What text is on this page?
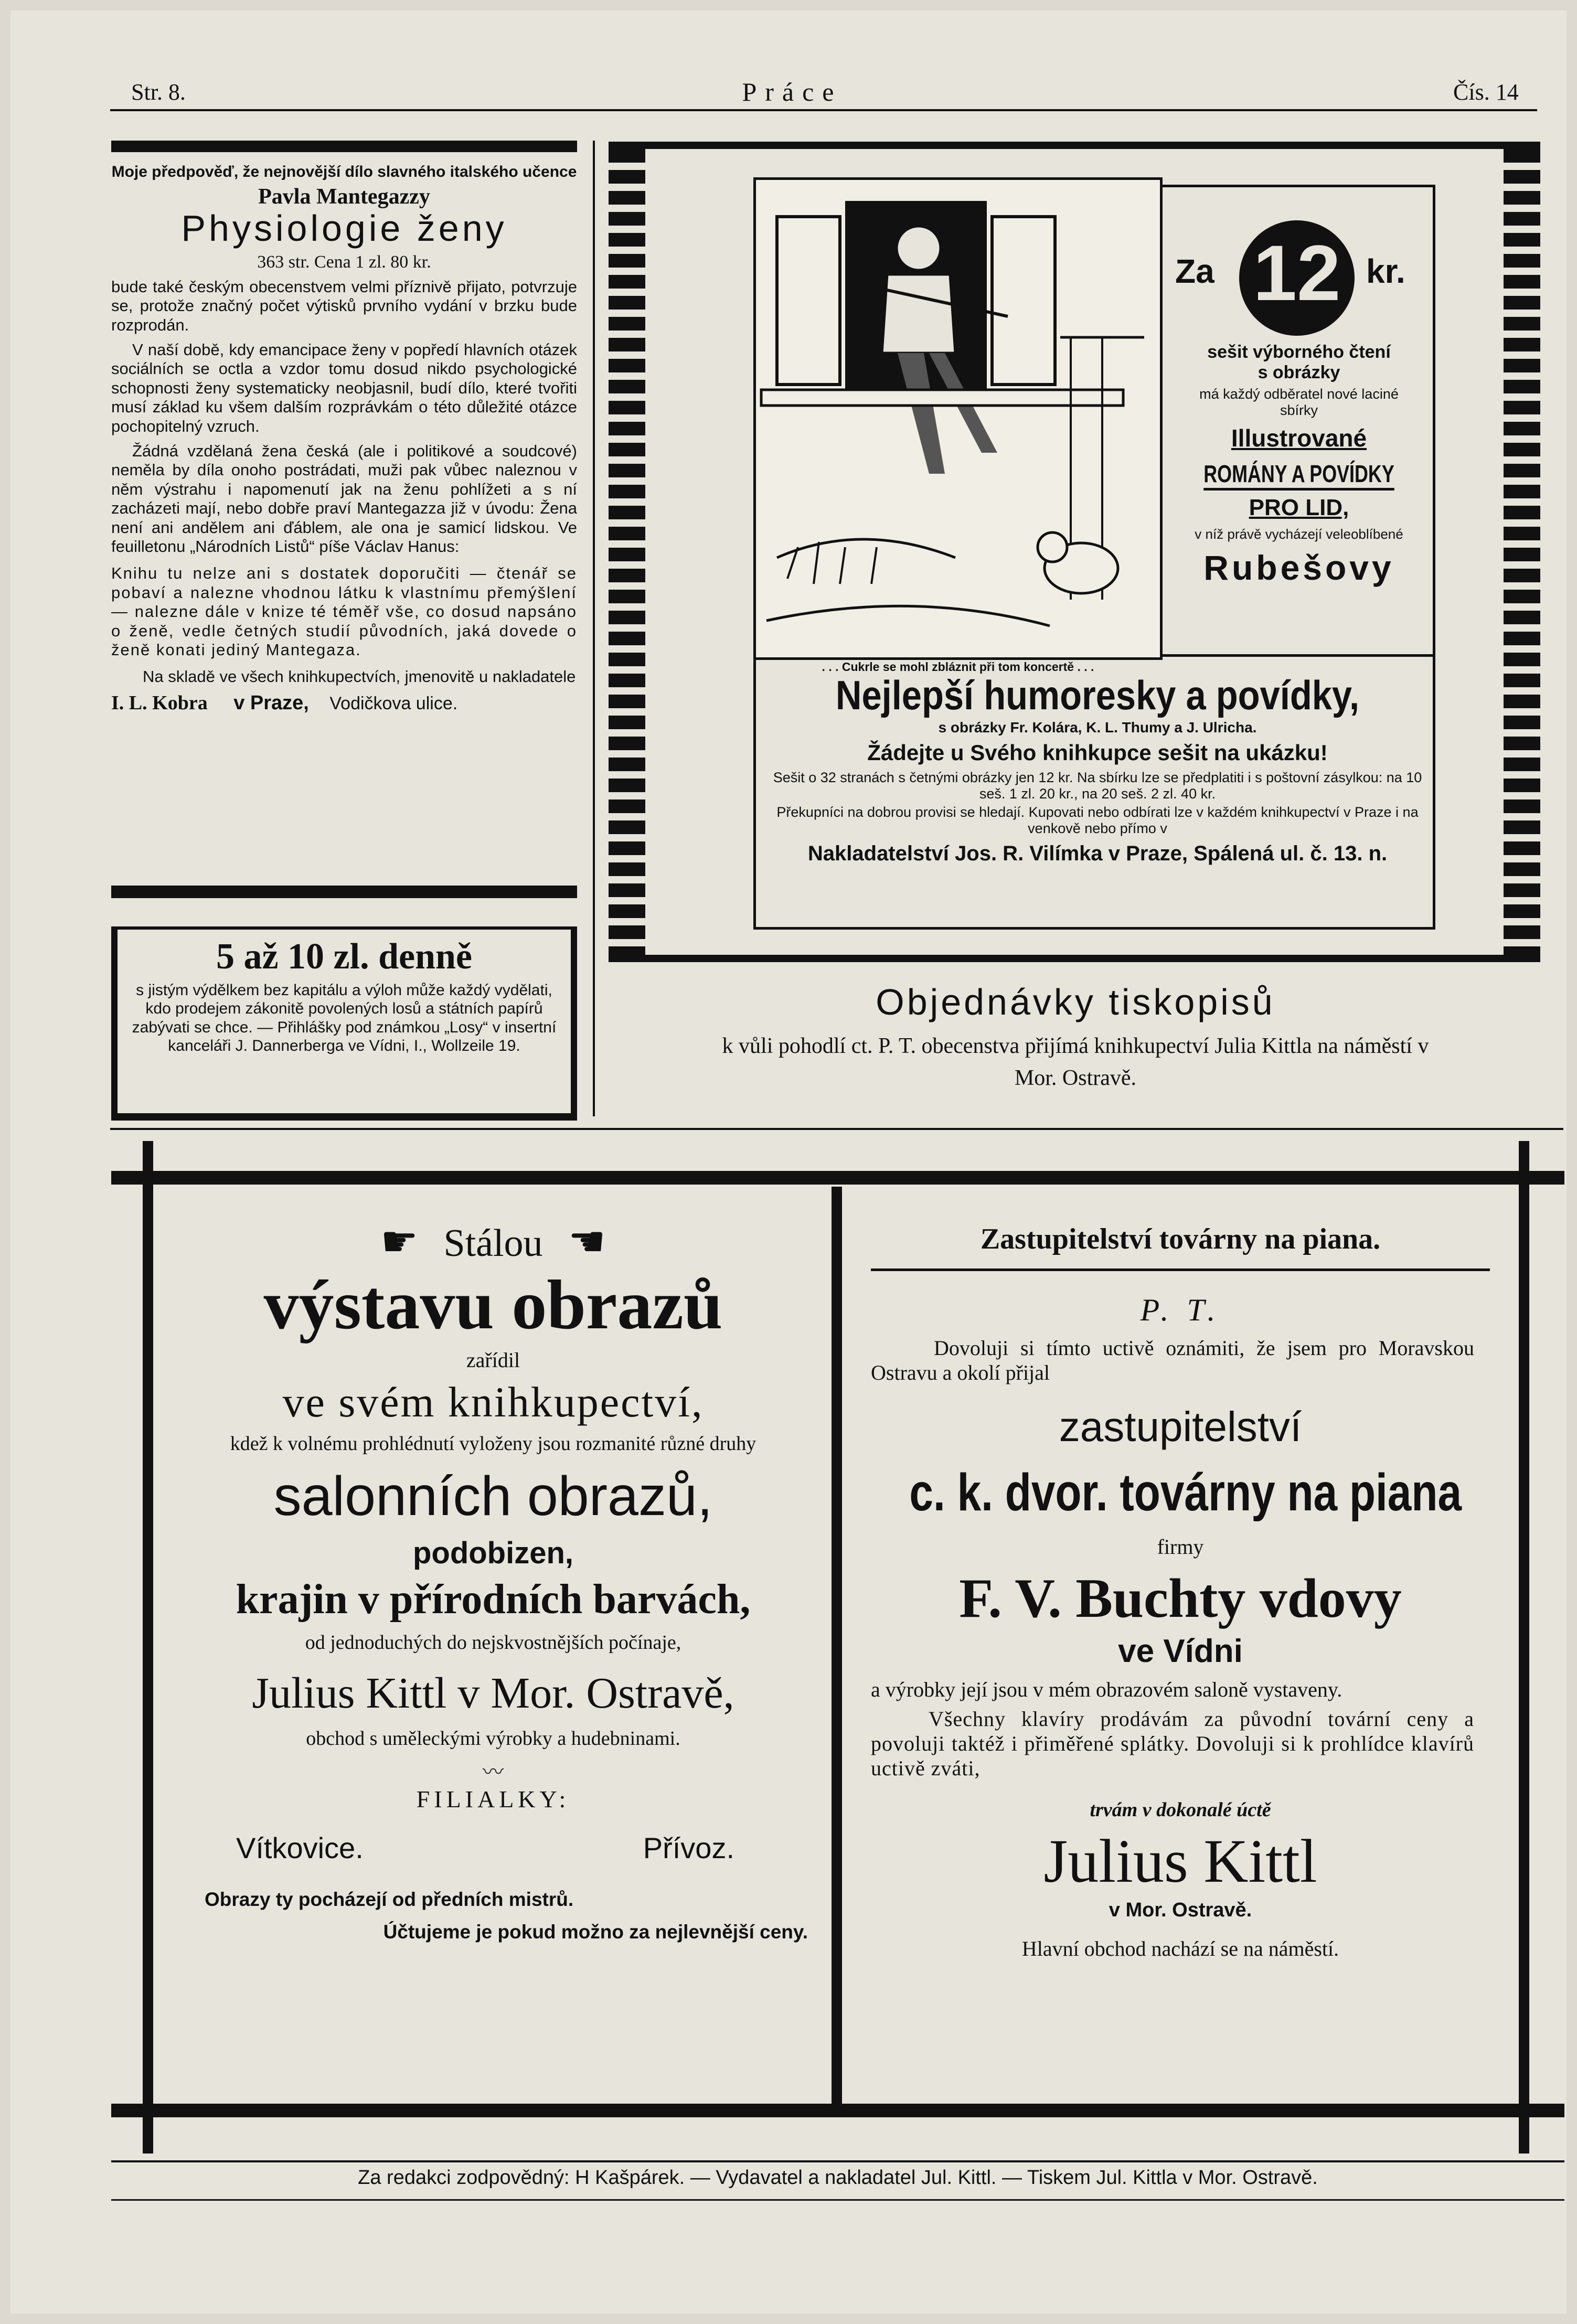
Str. 8.	Práce	Čís. 14

Moje předpověď, že nejnovější dílo slavného italského učence

Pavla Mantegazzy
Physiologie ženy
363 str. Cena 1 zl. 80 kr.

bude také českým obecenstvem velmi příznivě přijato, potvrzuje se, protože značný počet výtisků prvního vydání v brzku bude rozprodán.

V naší době, kdy emancipace ženy v popředí hlavních otázek sociálních se octla a vzdor tomu dosud nikdo psychologické schopnosti ženy systematicky neobjasnil, budí dílo, které tvořiti musí základ ku všem dalším rozprávkám o této důležité otázce pochopitelný vzruch.

Žádná vzdělaná žena česká (ale i politikové a soudcové) neměla by díla onoho postrádati, muži pak vůbec naleznou v něm výstrahu i napomenutí jak na ženu pohlížeti a s ní zacházeti mají, nebo dobře praví Mantegazza již v úvodu: Žena není ani andělem ani ďáblem, ale ona je samicí lidskou. Ve feuilletonu „Národních Listů“ píše Václav Hanus:

Knihu tu nelze ani s dostatek doporučiti — čtenář se pobaví a nalezne vhodnou látku k vlastnímu přemýšlení — nalezne dále v knize té téměř vše, co dosud napsáno o ženě, vedle četných studií původních, jaká dovede o ženě konati jediný Mantegaza.

Na skladě ve všech knihkupectvích, jmenovitě u nakladatele

I. L. Kobra v Praze, Vodičkova ulice.
5 až 10 zl. denně

s jistým výdělkem bez kapitálu a výloh může každý vydělati, kdo prodejem zákonitě povolených losů a státních papírů zabývati se chce. — Přihlášky pod známkou „Losy“ v insertní kanceláři J. Dannerberga ve Vídni, I., Wollzeile 19.

. . . Cukrle se mohl zbláznit při tom koncertě . . .
Za 12 kr.
sešit výborného čtení
s obrázky
má každý odběratel nové laciné sbírky
Illustrované
ROMÁNY A POVÍDKY
PRO LID,
v níž právě vycházejí veleoblíbené
Rubešovy
Nejlepší humoresky a povídky,
s obrázky Fr. Kolára, K. L. Thumy a J. Ulricha.
Žádejte u Svého knihkupce sešit na ukázku!
Sešit o 32 stranách s četnými obrázky jen 12 kr. Na sbírku lze se předplatiti i s poštovní zásylkou: na 10 seš. 1 zl. 20 kr., na 20 seš. 2 zl. 40 kr.
Překupníci na dobrou provisi se hledají. Kupovati nebo odbírati lze v každém knihkupectví v Praze i na venkově nebo přímo v
Nakladatelství Jos. R. Vilímka v Praze, Spálená ul. č. 13. n.
Objednávky tiskopisů

k vůli pohodlí ct. P. T. obecenstva přijímá knihkupectví Julia Kittla na náměstí v Mor. Ostravě.

☛ Stálou ☛
výstavu obrazů
zařídil
ve svém knihkupectví,
kdež k volnému prohlédnutí vyloženy jsou rozmanité různé druhy
salonních obrazů,
podobizen,
krajin v přírodních barvách,
od jednoduchých do nejskvostnějších počínaje,
Julius Kittl v Mor. Ostravě,
obchod s uměleckými výrobky a hudebninami.
〰
FILIALKY:
Vítkovice.	Přívoz.
Obrazy ty pocházejí od předních mistrů.
Účtujeme je pokud možno za nejlevnější ceny.
Zastupitelství továrny na piana.
P. T.

Dovoluji si tímto uctivě oznámiti, že jsem pro Moravskou Ostravu a okolí přijal

zastupitelství
c. k. dvor. továrny na piana
firmy
F. V. Buchty vdovy
ve Vídni

a výrobky její jsou v mém obrazovém saloně vystaveny.

Všechny klavíry prodávám za původní tovární ceny a povoluji taktéž i přiměřené splátky. Dovoluji si k prohlídce klavírů uctivě zváti,

trvám v dokonalé úctě
Julius Kittl
v Mor. Ostravě.
Hlavní obchod nachází se na náměstí.
Za redakci zodpovědný: H Kašpárek. — Vydavatel a nakladatel Jul. Kittl. — Tiskem Jul. Kittla v Mor. Ostravě.
